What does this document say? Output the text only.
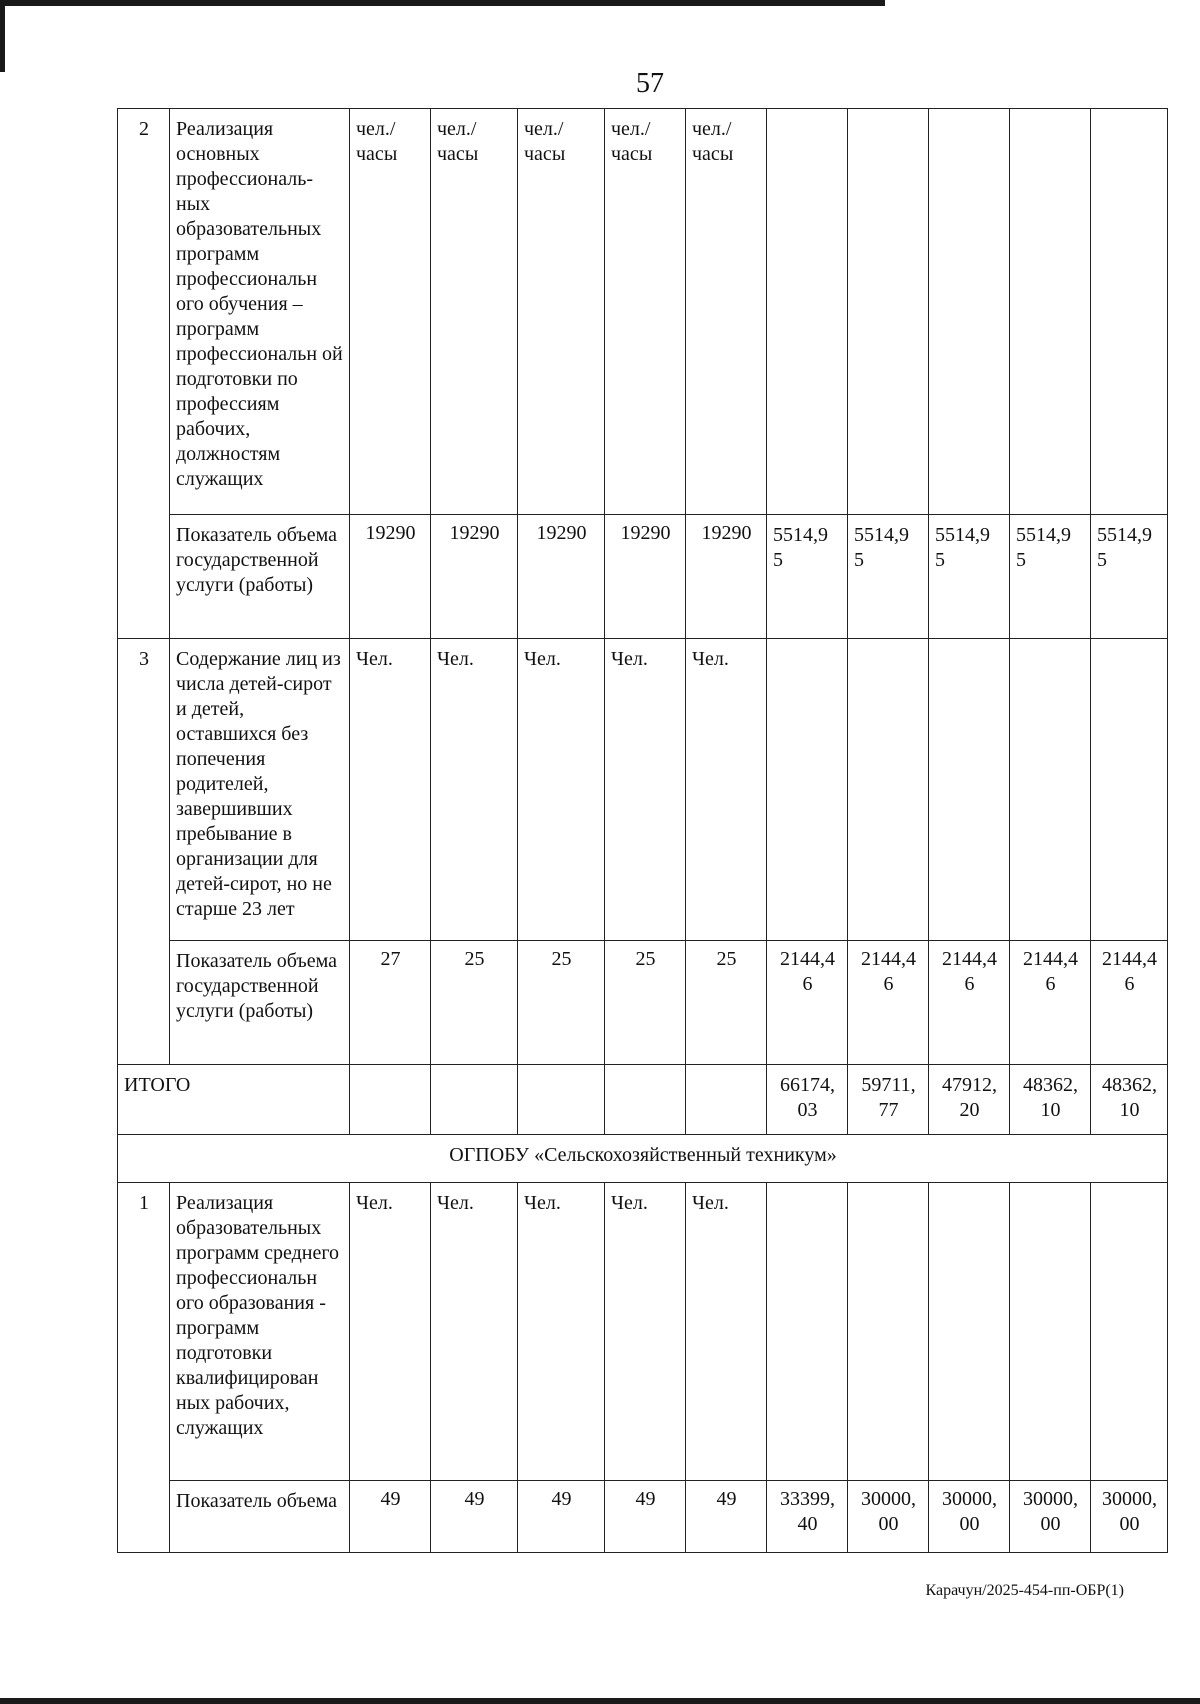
57
2	Реализация основных профессиональ- ных образовательных программ профессиональн ого обучения – программ профессиональн ой подготовки по профессиям рабочих, должностям служащих	чел./ часы	чел./ часы	чел./ часы	чел./ часы	чел./ часы					
	Показатель объема государственной услуги (работы)	19290	19290	19290	19290	19290	5514,9 5	5514,9 5	5514,9 5	5514,9 5	5514,9 5
3	Содержание лиц из числа детей-сирот и детей, оставшихся без попечения родителей, завершивших пребывание в организации для детей-сирот, но не старше 23 лет	Чел.	Чел.	Чел.	Чел.	Чел.					
	Показатель объема государственной услуги (работы)	27	25	25	25	25	2144,4 6	2144,4 6	2144,4 6	2144,4 6	2144,4 6
ИТОГО							66174, 03	59711, 77	47912, 20	48362, 10	48362, 10
ОГПОБУ «Сельскохозяйственный техникум»											
1	Реализация образовательных программ среднего профессиональн ого образования - программ подготовки квалифицирован ных рабочих, служащих	Чел.	Чел.	Чел.	Чел.	Чел.					
	Показатель объема	49	49	49	49	49	33399, 40	30000, 00	30000, 00	30000, 00	30000, 00
Карачун/2025-454-пп-ОБР(1)
